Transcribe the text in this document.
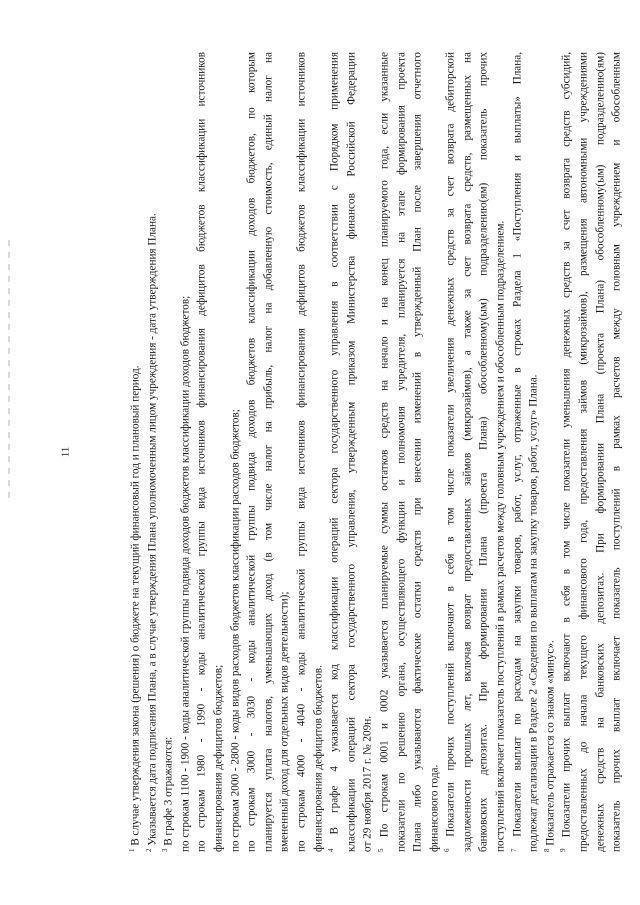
11
$^1$ В случае утверждения закона (решения) о бюджете на текущий финансовый год и плановый период.
$^2$ Указывается дата подписания Плана, а в случае утверждения Плана уполномоченным лицом учреждения - дата утверждения Плана.
$^3$ В графе 3 отражаются: по строкам 1100 - 1900 - коды аналитической группы подвида доходов бюджетов классификации доходов бюджетов; по строкам 1980 - 1990 - коды аналитической группы вида источников финансирования дефицитов бюджетов классификации источников финансирования дефицитов бюджетов; по строкам 2000 - 2800 - коды видов расходов бюджетов классификации расходов бюджетов; по строкам 3000 - 3030 - коды аналитической группы подвида доходов бюджетов классификации доходов бюджетов, по которым планируется уплата налогов, уменьшающих доход (в том числе налог на прибыль, налог на добавленную стоимость, единый налог на вмененный доход для отдельных видов деятельности); по строкам 4000 - 4040 - коды аналитической группы вида источников финансирования дефицитов бюджетов классификации источников финансирования дефицитов бюджетов. $^4$ В графе 4 указывается код классификации операций сектора государственного управления в соответствии с Порядком применения классификации операций сектора государственного управления, утвержденным приказом Министерства финансов Российской Федерации от 29 ноября 2017 г. № 209н. $^5$ По строкам 0001 и 0002 указывается планируемые суммы остатков средств на начало и на конец планируемого года, если указанные показатели по решению органа, осуществляющего функции и полномочия учредителя, планируется на этапе формирования проекта Плана либо указываются фактические остатки средств при внесении изменений в утвержденный План после завершения отчетного финансового года. $^6$ Показатели прочих поступлений включают в себя в том числе показатели увеличения денежных средств за счет возврата дебиторской задолженности прошлых лет, включая возврат предоставленных займов (микрозаймов), а также за счет возврата средств, размещенных на банковских депозитах. При формировании Плана (проекта Плана) обособленному(ым) подразделению(ям) показатель прочих поступлений включает показатель поступлений в рамках расчетов между головным учреждением и обособленным подразделением. $^7$ Показатели выплат по расходам на закупки товаров, работ, услуг, отраженные в строках Раздела 1 «Поступления и выплаты» Плана, подлежат детализации в Разделе 2 «Сведения по выплатам на закупку товаров, работ, услуг» Плана. $^8$ Показатель отражается со знаком «минус».
$^9$ Показатели прочих выплат включают в себя в том числе показатели уменьшения денежных средств за счет возврата средств субсидий, предоставленных до начала текущего финансового года, предоставления займов (микрозаймов), размещения автономными учреждениями денежных средств на банковских депозитах. При формировании Плана (проекта Плана) обособленному(ым) подразделению(ям) показатель прочих выплат включает показатель поступлений в рамках расчетов между головным учреждением и обособленным
